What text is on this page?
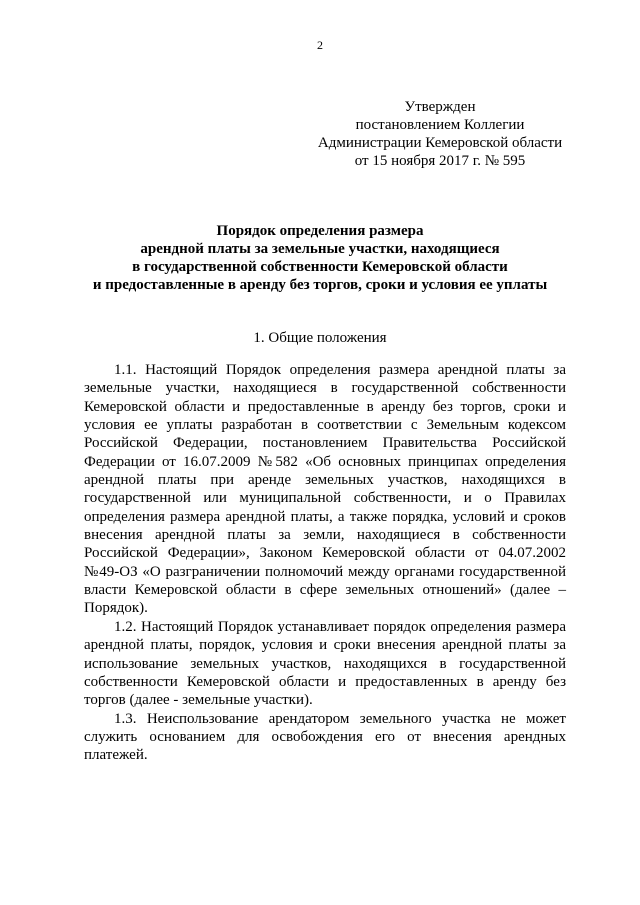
2
Утвержден
постановлением Коллегии
Администрации Кемеровской области
от 15 ноября 2017 г. № 595
Порядок определения размера
арендной платы за земельные участки, находящиеся
в государственной собственности Кемеровской области
и предоставленные в аренду без торгов, сроки и условия ее уплаты
1. Общие положения

1.1. Настоящий Порядок определения размера арендной платы за земельные участки, находящиеся в государственной собственности Кемеровской области и предоставленные в аренду без торгов, сроки и условия ее уплаты разработан в соответствии с Земельным кодексом Российской Федерации, постановлением Правительства Российской Федерации от 16.07.2009 №582 «Об основных принципах определения арендной платы при аренде земельных участков, находящихся в государственной или муниципальной собственности, и о Правилах определения размера арендной платы, а также порядка, условий и сроков внесения арендной платы за земли, находящиеся в собственности Российской Федерации», Законом Кемеровской области от 04.07.2002 №49-ОЗ «О разграничении полномочий между органами государственной власти Кемеровской области в сфере земельных отношений» (далее – Порядок).

1.2. Настоящий Порядок устанавливает порядок определения размера арендной платы, порядок, условия и сроки внесения арендной платы за использование земельных участков, находящихся в государственной собственности Кемеровской области и предоставленных в аренду без торгов (далее - земельные участки).

1.3. Неиспользование арендатором земельного участка не может служить основанием для освобождения его от внесения арендных платежей.
